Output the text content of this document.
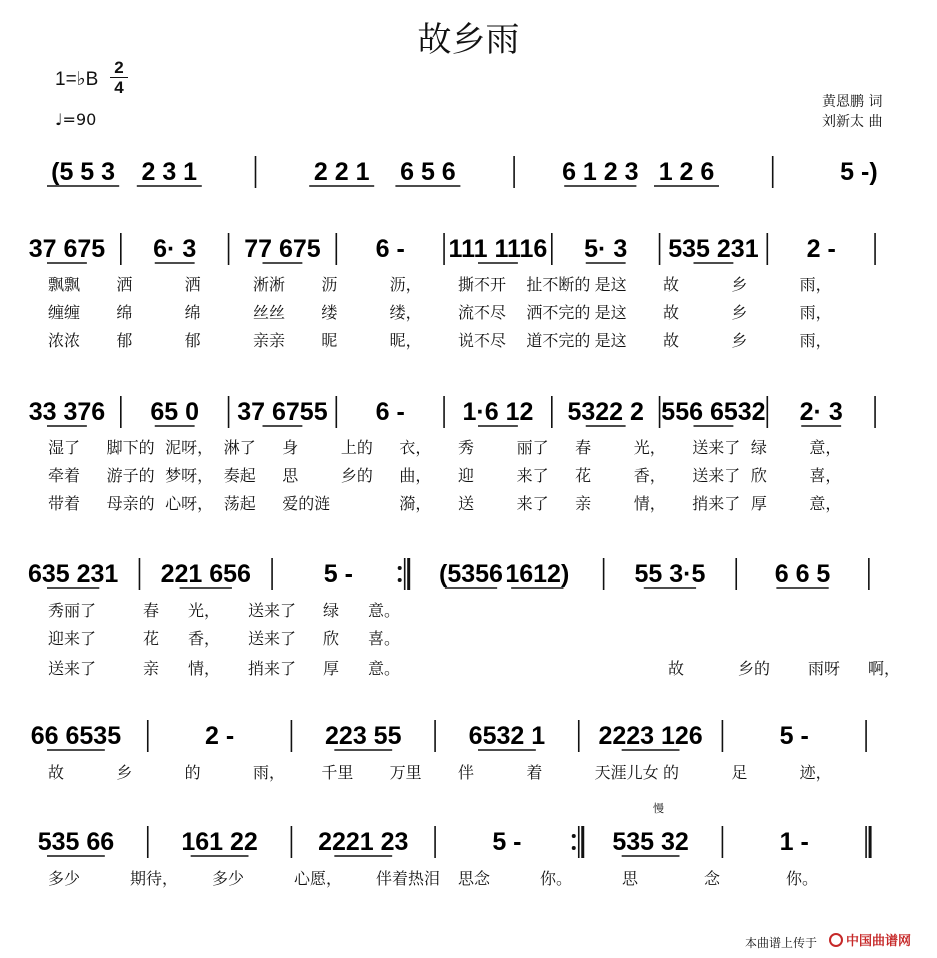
故乡雨
1=♭B
2
4
♩=90
黄恩鹏 词
刘新太 曲
慢
(5 5 3 2 3 1	2 2 1 6 5 6	6 1 2 3 1 2 6	5 -)
37 675 6· 3 77 675 6 - 111 1116 5· 3 535 231 2 -
飘飘 洒	洒	淅淅 沥	沥， 撕不开 扯不断的 是这 故	乡	雨，
缠缠 绵	绵	丝丝 缕	缕， 流不尽 洒不完的 是这 故	乡	雨，
浓浓 郁	郁	亲亲 昵	昵， 说不尽 道不完的 是这 故	乡	雨，
33 376 65 0 37 6755 6 - 1·6 12 5322 2 556 6532 2· 3
湿了 脚下的 泥呀， 淋了 身	上的 衣， 秀	丽了 春	光， 送来了 绿	意，
牵着 游子的 梦呀， 奏起 思	乡的 曲， 迎	来了 花	香， 送来了 欣	喜，
带着 母亲的 心呀， 荡起 爱的涟	漪， 送	来了 亲	情， 捎来了 厚	意，
635 231 221 656	5 -	(5356 1612)	55 3·5	6 6 5
秀丽了	春 光， 送来了 绿 意。
迎来了	花 香， 送来了 欣 喜。
送来了	亲 情， 捎来了 厚 意。	故	乡的 雨呀 啊，
66 6535	2 -	223 55	6532 1 2223 126	5 -
故	乡	的	雨， 千里 万里 伴	着	天涯儿女 的	足	迹，
535 66	161 22 2221 23	5 -	535 32	1 -
多少	期待， 多少	心愿， 伴着热泪 思念	你。	思	念	你。
本曲谱上传于 中国曲谱网
